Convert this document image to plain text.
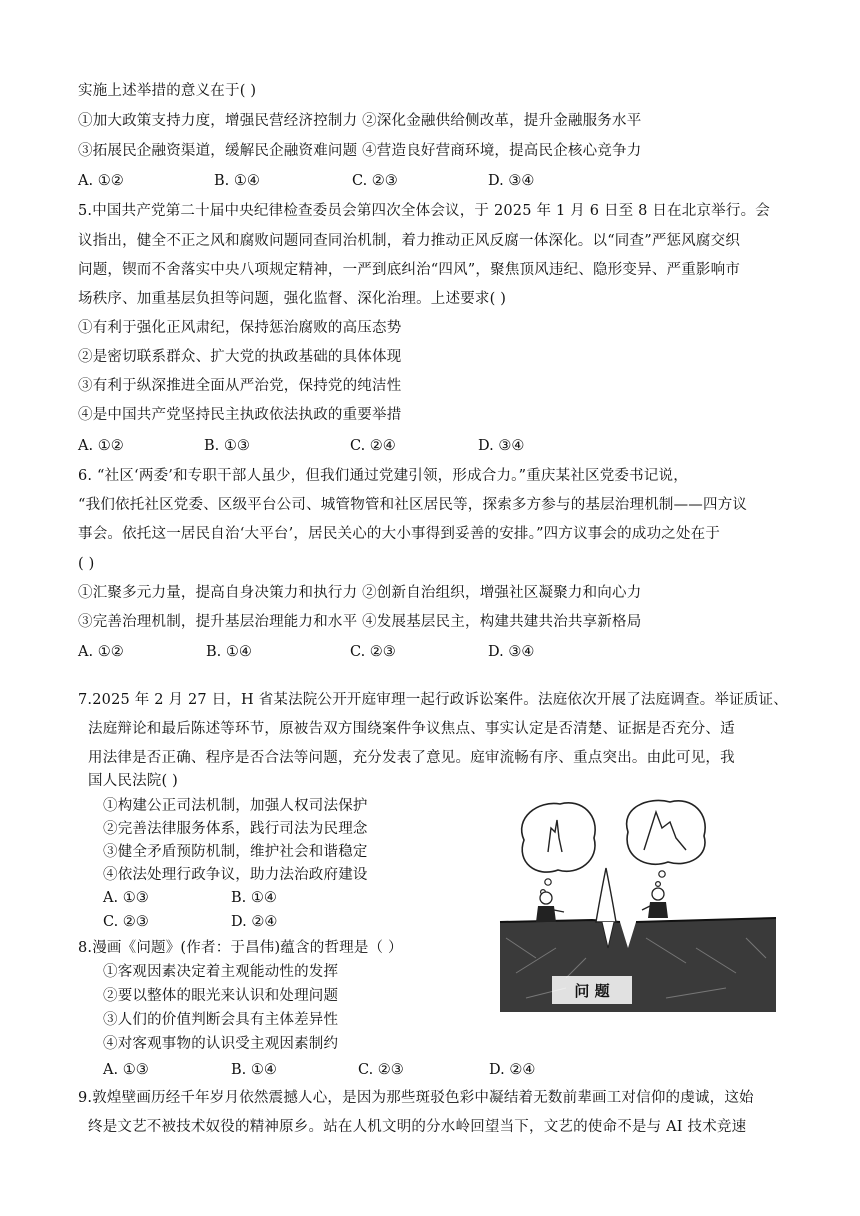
实施上述举措的意义在于( )
①加大政策支持力度，增强民营经济控制力 ②深化金融供给侧改革，提升金融服务水平
③拓展民企融资渠道，缓解民企融资难问题 ④营造良好营商环境，提高民企核心竞争力
A. ①②	B. ①④	C. ②③	D. ③④
5.中国共产党第二十届中央纪律检查委员会第四次全体会议，于 2025 年 1 月 6 日至 8 日在北京举行。会
议指出，健全不正之风和腐败问题同查同治机制，着力推动正风反腐一体深化。以“同查”严惩风腐交织
问题，锲而不舍落实中央八项规定精神，一严到底纠治“四风”，聚焦顶风违纪、隐形变异、严重影响市
场秩序、加重基层负担等问题，强化监督、深化治理。上述要求( )
①有利于强化正风肃纪，保持惩治腐败的高压态势
②是密切联系群众、扩大党的执政基础的具体体现
③有利于纵深推进全面从严治党，保持党的纯洁性
④是中国共产党坚持民主执政依法执政的重要举措
A. ①②	B. ①③	C. ②④	D. ③④
6. “社区‘两委’和专职干部人虽少，但我们通过党建引领，形成合力。”重庆某社区党委书记说，
“我们依托社区党委、区级平台公司、城管物管和社区居民等，探索多方参与的基层治理机制——四方议
事会。依托这一居民自治‘大平台’，居民关心的大小事得到妥善的安排。”四方议事会的成功之处在于
( )
①汇聚多元力量，提高自身决策力和执行力 ②创新自治组织，增强社区凝聚力和向心力
③完善治理机制，提升基层治理能力和水平 ④发展基层民主，构建共建共治共享新格局
A. ①②	B. ①④	C. ②③	D. ③④
7.2025 年 2 月 27 日，H 省某法院公开开庭审理一起行政诉讼案件。法庭依次开展了法庭调查。举证质证、
法庭辩论和最后陈述等环节，原被告双方围绕案件争议焦点、事实认定是否清楚、证据是否充分、适
用法律是否正确、程序是否合法等问题，充分发表了意见。庭审流畅有序、重点突出。由此可见，我
国人民法院( )
①构建公正司法机制，加强人权司法保护
②完善法律服务体系，践行司法为民理念
③健全矛盾预防机制，维护社会和谐稳定
④依法处理行政争议，助力法治政府建设
A. ①③	B. ①④
C. ②③	D. ②④
8.漫画《问题》(作者：于昌伟)蕴含的哲理是（ ）
①客观因素决定着主观能动性的发挥
②要以整体的眼光来认识和处理问题
③人们的价值判断会具有主体差异性
④对客观事物的认识受主观因素制约
A. ①③	B. ①④	C. ②③	D. ②④
问 题
9.敦煌壁画历经千年岁月依然震撼人心，是因为那些斑驳色彩中凝结着无数前辈画工对信仰的虔诚，这始
终是文艺不被技术奴役的精神原乡。站在人机文明的分水岭回望当下，文艺的使命不是与 AI 技术竞速
